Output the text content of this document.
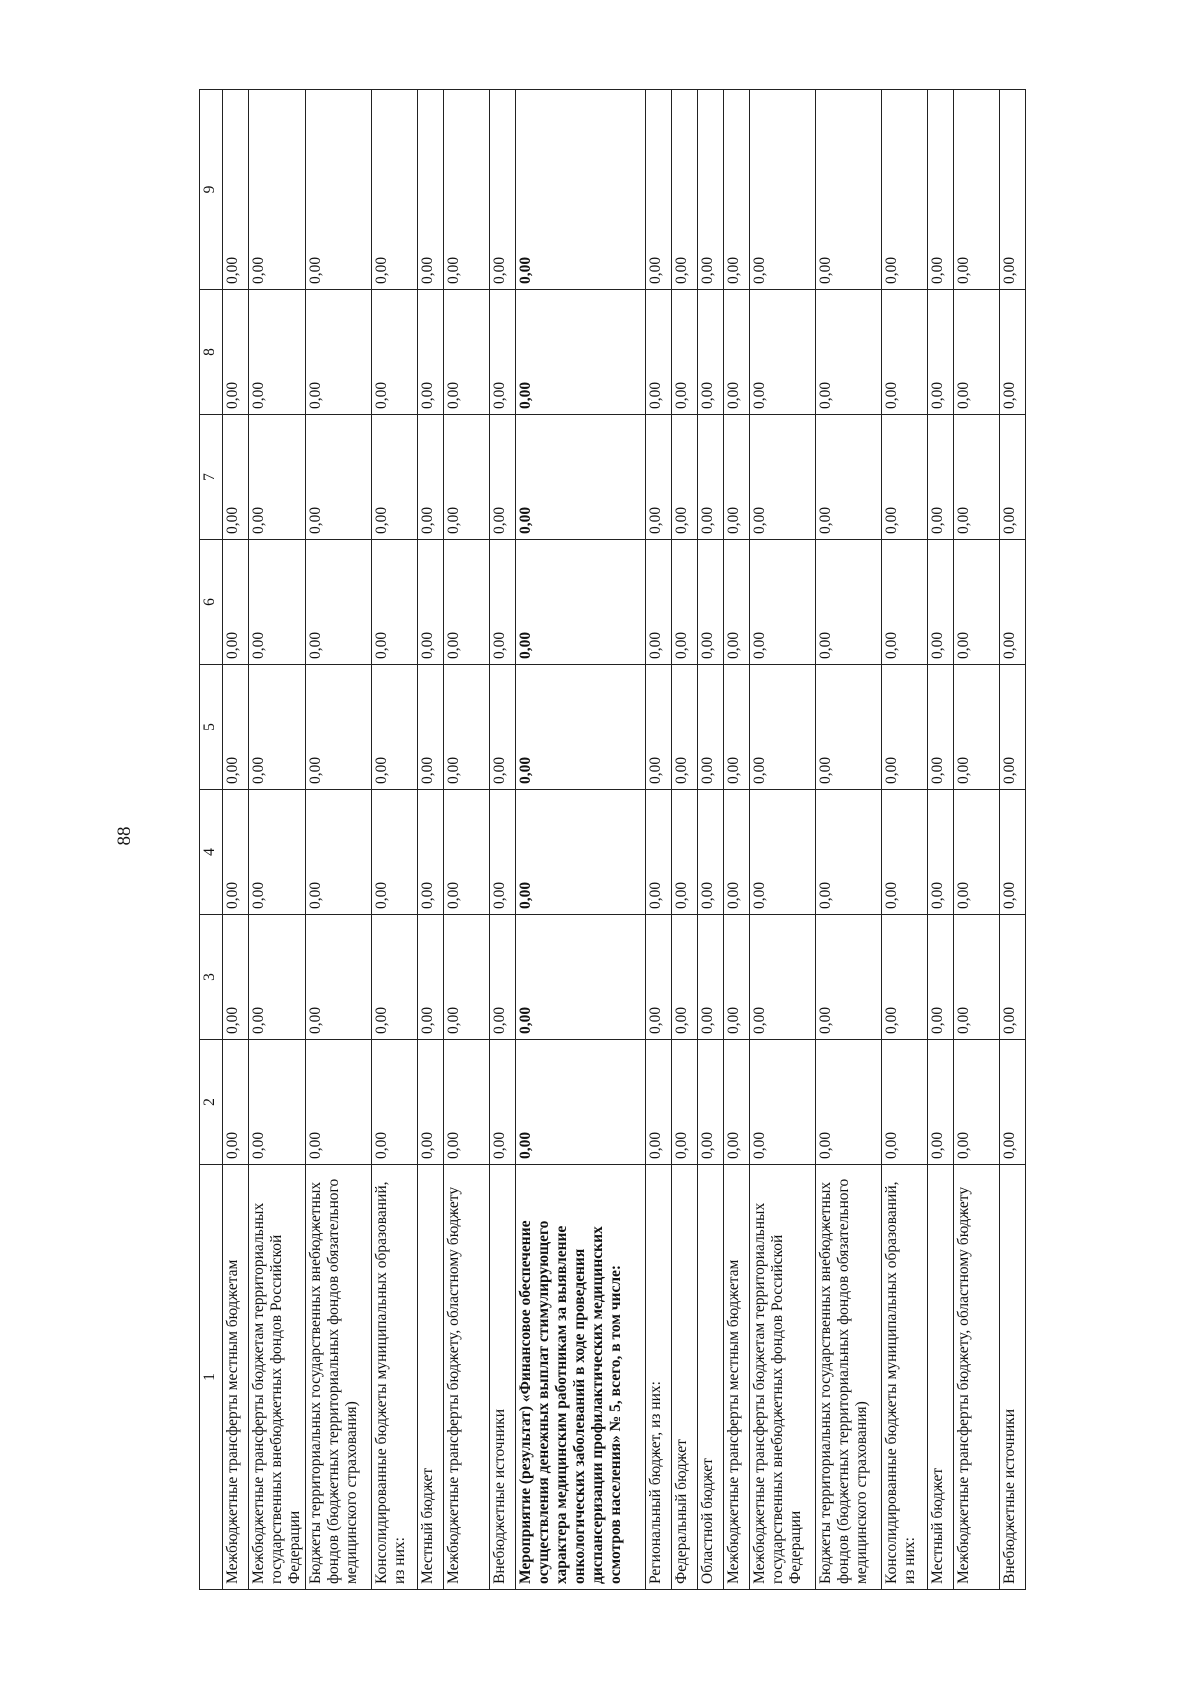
88
1	2	3	4	5	6	7	8	9
Межбюджетные трансферты местным бюджетам	0,00	0,00	0,00	0,00	0,00	0,00	0,00	0,00
Межбюджетные трансферты бюджетам территориальных государственных внебюджетных фондов Российской Федерации	0,00	0,00	0,00	0,00	0,00	0,00	0,00	0,00
Бюджеты территориальных государственных внебюджетных фондов (бюджетных территориальных фондов обязательного медицинского страхования)	0,00	0,00	0,00	0,00	0,00	0,00	0,00	0,00
Консолидированные бюджеты муниципальных образований, из них:	0,00	0,00	0,00	0,00	0,00	0,00	0,00	0,00
Местный бюджет	0,00	0,00	0,00	0,00	0,00	0,00	0,00	0,00
Межбюджетные трансферты бюджету, областному бюджету	0,00	0,00	0,00	0,00	0,00	0,00	0,00	0,00
Внебюджетные источники	0,00	0,00	0,00	0,00	0,00	0,00	0,00	0,00
Мероприятие (результат) «Финансовое обеспечение осуществления денежных выплат стимулирующего характера медицинским работникам за выявление онкологических заболеваний в ходе проведения диспансеризации профилактических медицинских осмотров населения» № 5, всего, в том числе:	0,00	0,00	0,00	0,00	0,00	0,00	0,00	0,00
Региональный бюджет, из них:	0,00	0,00	0,00	0,00	0,00	0,00	0,00	0,00
Федеральный бюджет	0,00	0,00	0,00	0,00	0,00	0,00	0,00	0,00
Областной бюджет	0,00	0,00	0,00	0,00	0,00	0,00	0,00	0,00
Межбюджетные трансферты местным бюджетам	0,00	0,00	0,00	0,00	0,00	0,00	0,00	0,00
Межбюджетные трансферты бюджетам территориальных государственных внебюджетных фондов Российской Федерации	0,00	0,00	0,00	0,00	0,00	0,00	0,00	0,00
Бюджеты территориальных государственных внебюджетных фондов (бюджетных территориальных фондов обязательного медицинского страхования)	0,00	0,00	0,00	0,00	0,00	0,00	0,00	0,00
Консолидированные бюджеты муниципальных образований, из них:	0,00	0,00	0,00	0,00	0,00	0,00	0,00	0,00
Местный бюджет	0,00	0,00	0,00	0,00	0,00	0,00	0,00	0,00
Межбюджетные трансферты бюджету, областному бюджету	0,00	0,00	0,00	0,00	0,00	0,00	0,00	0,00
Внебюджетные источники	0,00	0,00	0,00	0,00	0,00	0,00	0,00	0,00
